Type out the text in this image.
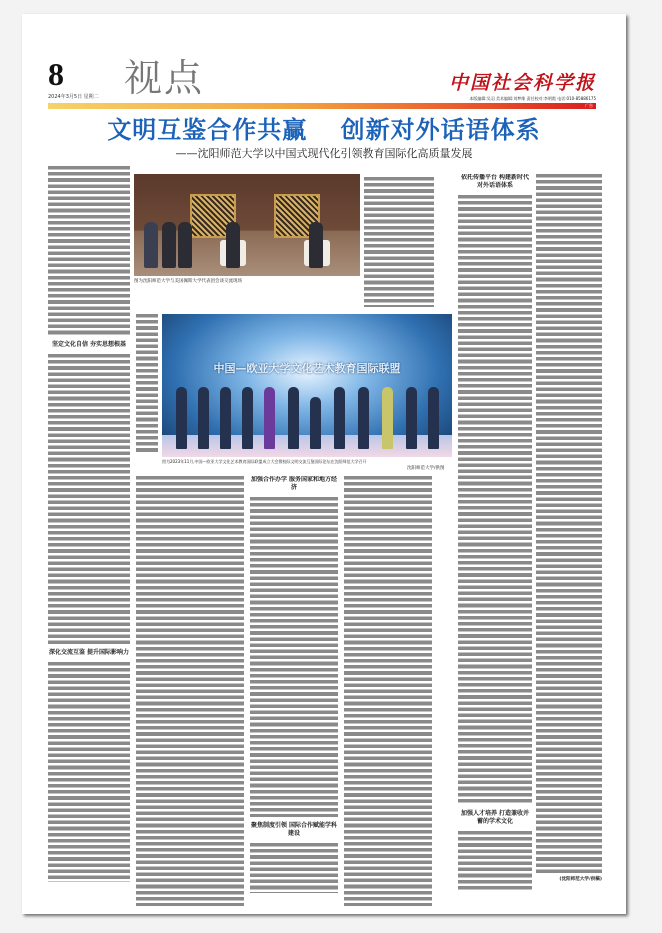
8
2024年3月5日 星期二 视点	中国社会科学报
本版编辑:吴羽 美术编辑:刘梦维 责任校对:李明霞 电话:010-85886175
广告
文明互鉴合作共赢 创新对外话语体系
——沈阳师范大学以中国式现代化引领教育国际化高质量发展
坚定文化自信 夯实思想根基
深化交流互鉴 提升国际影响力
图为沈阳师范大学与美国佩斯大学代表团会谈交流现场
中国—欧亚大学文化艺术教育国际联盟
图为2023年11月,中国—欧亚大学文化艺术教育国际联盟成立大会暨校际文明交流互鉴国际论坛在沈阳师范大学召开
沈阳师范大学/供图
加强合作办学 服务国家和地方经济
聚焦制度引领 国际合作赋能学科建设
依托传播平台 构建新时代对外话语体系
加强人才培养 打造兼收并蓄的学术文化
(沈阳师范大学/供稿)
